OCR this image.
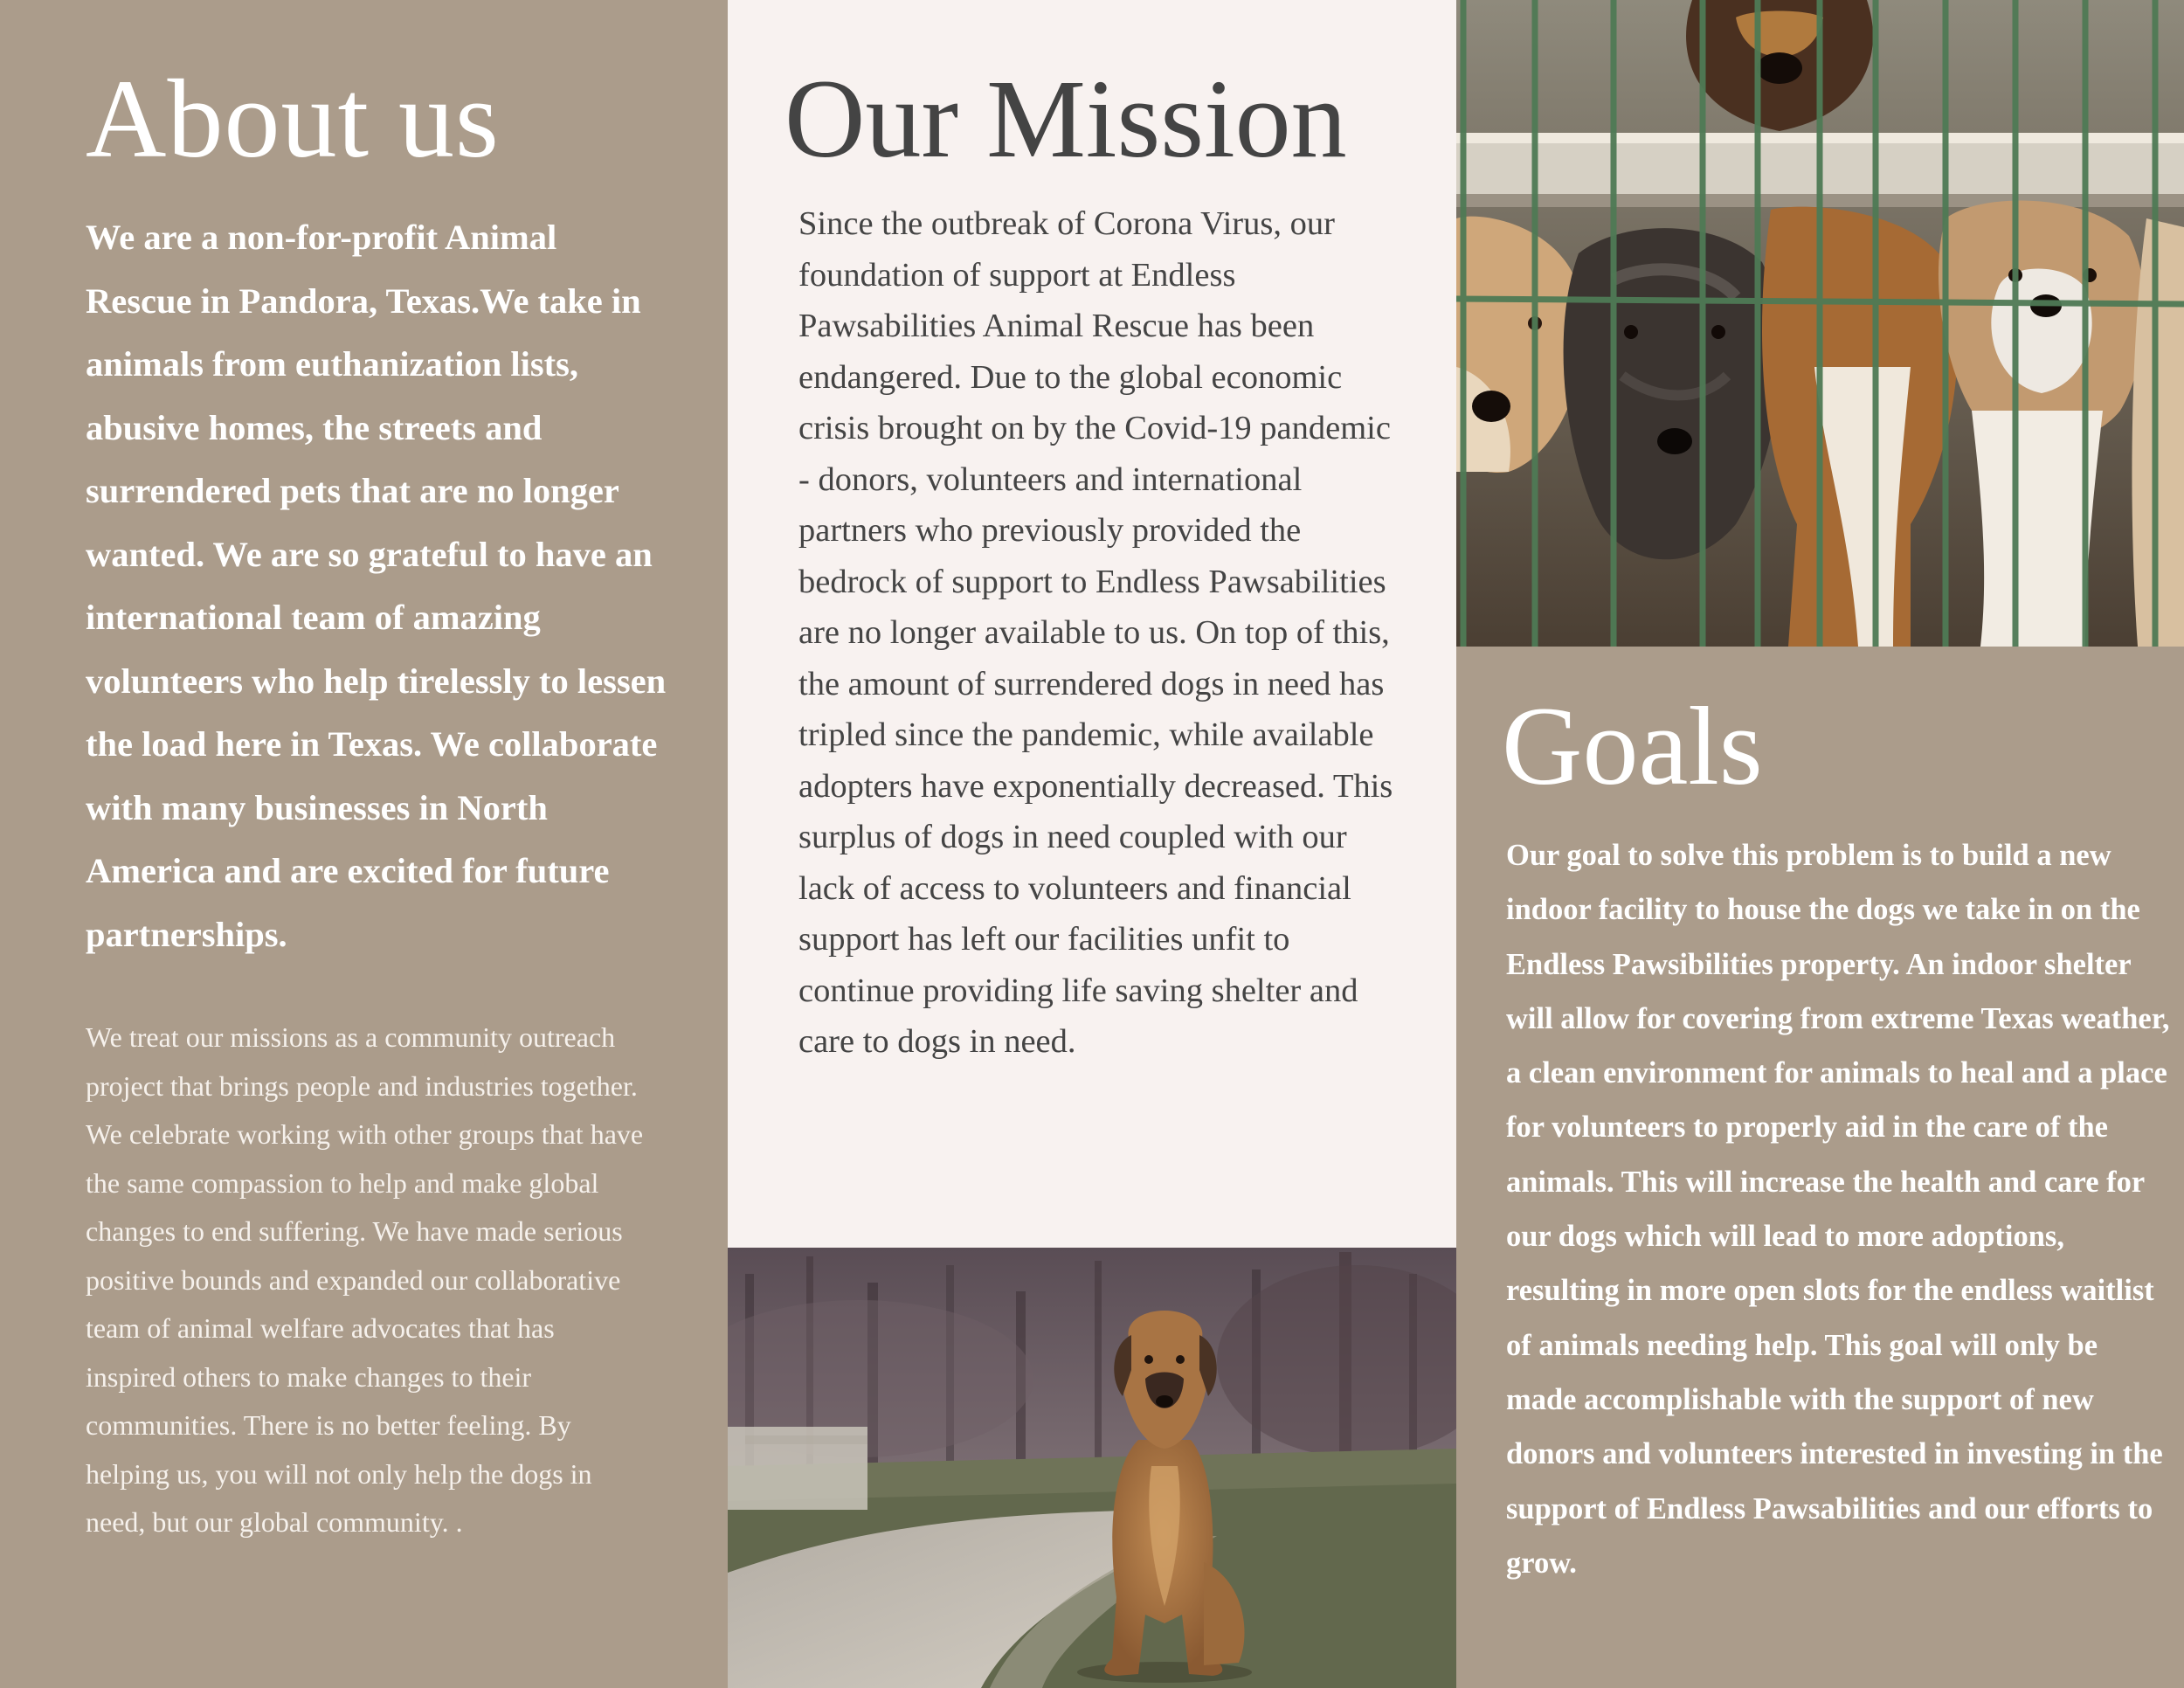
About us

We are a non-for-profit Animal Rescue in Pandora, Texas.We take in animals from euthanization lists, abusive homes, the streets and surrendered pets that are no longer wanted. We are so grateful to have an international team of amazing volunteers who help tirelessly to lessen the load here in Texas. We collaborate with many businesses in North America and are excited for future partnerships.

We treat our missions as a community outreach project that brings people and industries together. We celebrate working with other groups that have the same compassion to help and make global changes to end suffering. We have made serious positive bounds and expanded our collaborative team of animal welfare advocates that has inspired others to make changes to their communities. There is no better feeling. By helping us, you will not only help the dogs in need, but our global community. .

Our Mission

Since the outbreak of Corona Virus, our foundation of support at Endless Pawsabilities Animal Rescue has been endangered. Due to the global economic crisis brought on by the Covid-19 pandemic - donors, volunteers and international partners who previously provided the bedrock of support to Endless Pawsabilities are no longer available to us. On top of this, the amount of surrendered dogs in need has tripled since the pandemic, while available adopters have exponentially decreased. This surplus of dogs in need coupled with our lack of access to volunteers and financial support has left our facilities unfit to continue providing life saving shelter and care to dogs in need.

Goals

Our goal to solve this problem is to build a new indoor facility to house the dogs we take in on the Endless Pawsibilities property. An indoor shelter will allow for covering from extreme Texas weather, a clean environment for animals to heal and a place for volunteers to properly aid in the care of the animals. This will increase the health and care for our dogs which will lead to more adoptions, resulting in more open slots for the endless waitlist of animals needing help. This goal will only be made accomplishable with the support of new donors and volunteers interested in investing in the support of Endless Pawsabilities and our efforts to grow.
